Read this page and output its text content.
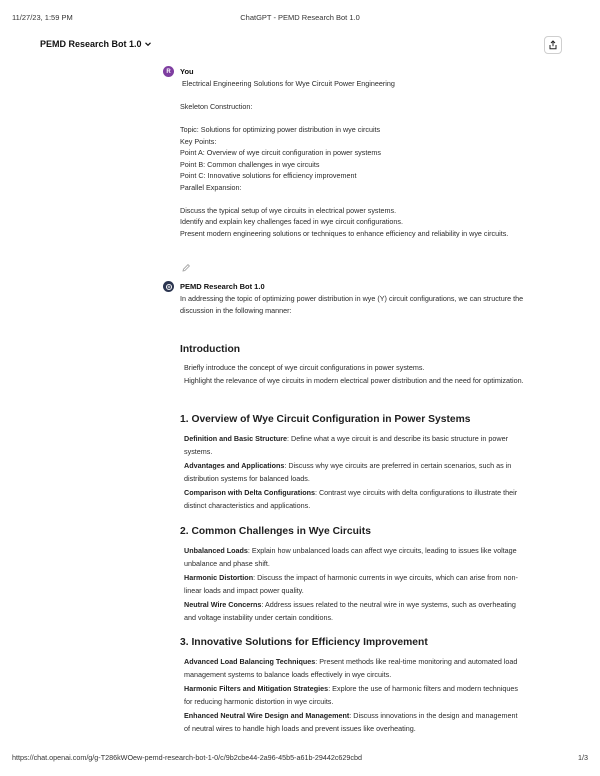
11/27/23, 1:59 PM	ChatGPT - PEMD Research Bot 1.0
PEMD Research Bot 1.0
R You
Electrical Engineering Solutions for Wye Circuit Power Engineering
Skeleton Construction:
Topic: Solutions for optimizing power distribution in wye circuits
Key Points:
Point A: Overview of wye circuit configuration in power systems
Point B: Common challenges in wye circuits
Point C: Innovative solutions for efficiency improvement
Parallel Expansion:
Discuss the typical setup of wye circuits in electrical power systems.
Identify and explain key challenges faced in wye circuit configurations.
Present modern engineering solutions or techniques to enhance efficiency and reliability in wye circuits.
PEMD Research Bot 1.0

In addressing the topic of optimizing power distribution in wye (Y) circuit configurations, we can structure the discussion in the following manner:

Introduction

Briefly introduce the concept of wye circuit configurations in power systems.

Highlight the relevance of wye circuits in modern electrical power distribution and the need for optimization.

1. Overview of Wye Circuit Configuration in Power Systems

Definition and Basic Structure: Define what a wye circuit is and describe its basic structure in power systems.

Advantages and Applications: Discuss why wye circuits are preferred in certain scenarios, such as in distribution systems for balanced loads.

Comparison with Delta Configurations: Contrast wye circuits with delta configurations to illustrate their distinct characteristics and applications.

2. Common Challenges in Wye Circuits

Unbalanced Loads: Explain how unbalanced loads can affect wye circuits, leading to issues like voltage unbalance and phase shift.

Harmonic Distortion: Discuss the impact of harmonic currents in wye circuits, which can arise from non-linear loads and impact power quality.

Neutral Wire Concerns: Address issues related to the neutral wire in wye systems, such as overheating and voltage instability under certain conditions.

3. Innovative Solutions for Efficiency Improvement

Advanced Load Balancing Techniques: Present methods like real-time monitoring and automated load management systems to balance loads effectively in wye circuits.

Harmonic Filters and Mitigation Strategies: Explore the use of harmonic filters and modern techniques for reducing harmonic distortion in wye circuits.

Enhanced Neutral Wire Design and Management: Discuss innovations in the design and management of neutral wires to handle high loads and prevent issues like overheating.

https://chat.openai.com/g/g-T286kWOew-pemd-research-bot-1-0/c/9b2cbe44-2a96-45b5-a61b-29442c629cbd	1/3
